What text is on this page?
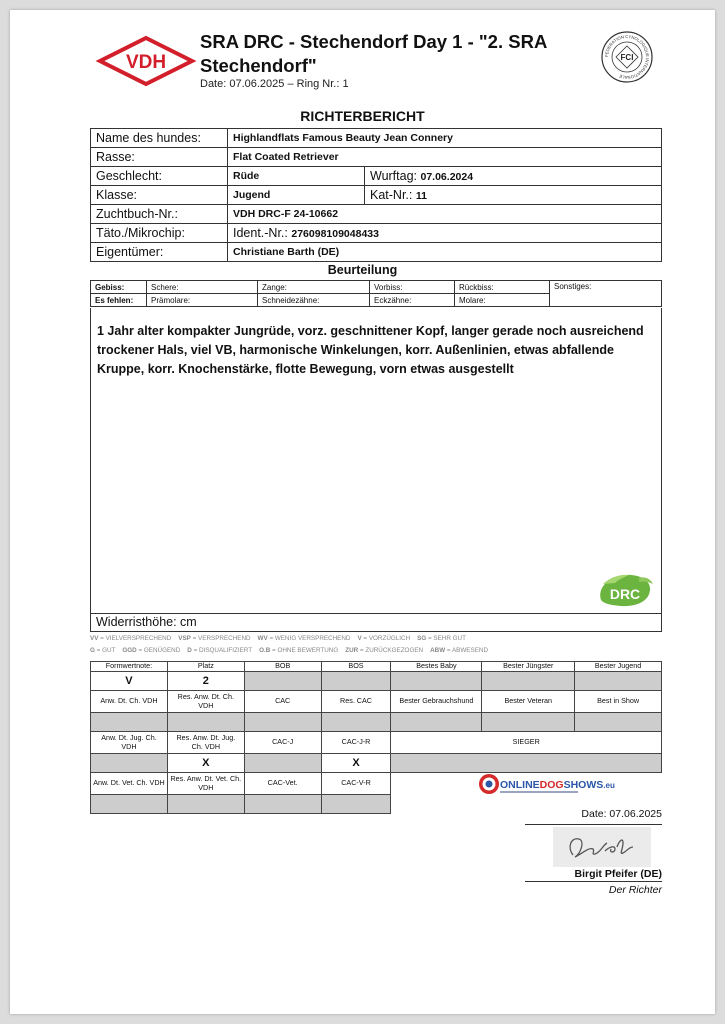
VDH
SRA DRC - Stechendorf Day 1 - "2. SRA Stechendorf"
Date: 07.06.2025 – Ring Nr.: 1
FEDERATION CYNOLOGIQUE INTERNATIONALE
FCI
RICHTERBERICHT
Name des hundes:	Highlandflats Famous Beauty Jean Connery	
Rasse:	Flat Coated Retriever	
Geschlecht:	Rüde	Wurftag: 07.06.2024
Klasse:	Jugend	Kat-Nr.: 11
Zuchtbuch-Nr.:	VDH DRC-F 24-10662	
Täto./Mikrochip:	Ident.-Nr.: 276098109048433	
Eigentümer:	Christiane Barth (DE)	
Beurteilung
Gebiss:	Schere:	Zange:	Vorbiss:	Rückbiss:	Sonstiges:
Es fehlen:	Prämolare:	Schneidezähne:	Eckzähne:	Molare:	
1 Jahr alter kompakter Jungrüde, vorz. geschnittener Kopf, langer gerade noch ausreichend trockener Hals, viel VB, harmonische Winkelungen, korr. Außenlinien, etwas abfallende Kruppe, korr. Knochenstärke, flotte Bewegung, vorn etwas ausgestellt
DRC
Widerristhöhe: cm
VV = VIELVERSPRECHEND VSP = VERSPRECHEND WV = WENIG VERSPRECHEND V = VORZÜGLICH SG = SEHR GUT
G = GUT GGD = GENÜGEND D = DISQUALIFIZIERT O.B = OHNE BEWERTUNG ZUR = ZURÜCKGEZOGEN ABW = ABWESEND
Formwertnote:	Platz	BOB	BOS	Bestes Baby	Bester Jüngster	Bester Jugend
V	2					
Anw. Dt. Ch. VDH	Res. Anw. Dt. Ch. VDH	CAC	Res. CAC	Bester Gebrauchshund	Bester Veteran	Best in Show

Anw. Dt. Jug. Ch. VDH	Res. Anw. Dt. Jug. Ch. VDH	CAC-J	CAC-J-R	SIEGER		
	X		X			
Anw. Dt. Vet. Ch. VDH	Res. Anw. Dt. Vet. Ch. VDH	CAC-Vet.	CAC-V-R			
					ONLINEDOGSHOWS.eu
Date: 07.06.2025
Birgit Pfeifer (DE)
Der Richter
